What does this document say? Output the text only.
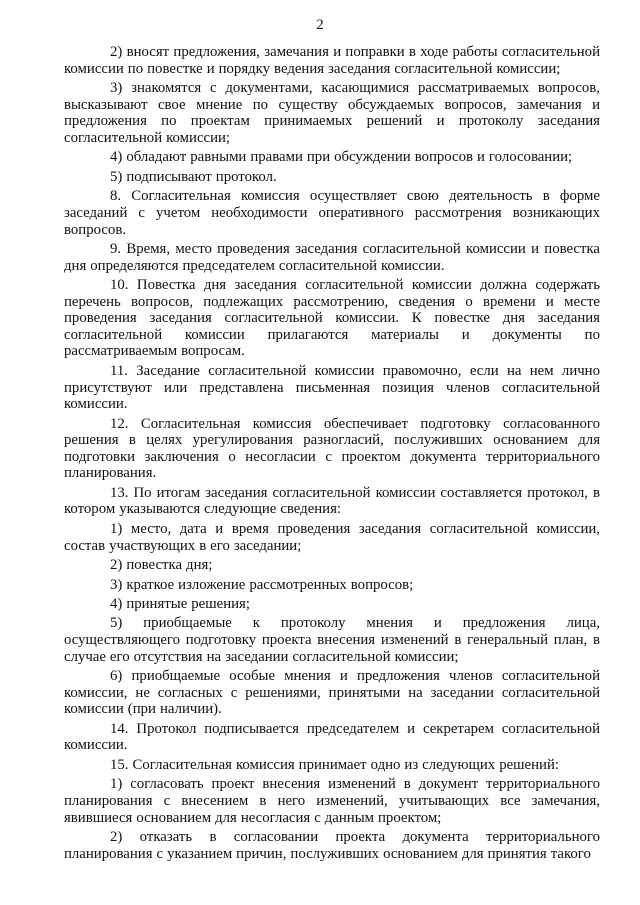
2

2) вносят предложения, замечания и поправки в ходе работы согласительной комиссии по повестке и порядку ведения заседания согласительной комиссии;

3) знакомятся с документами, касающимися рассматриваемых вопросов, высказывают свое мнение по существу обсуждаемых вопросов, замечания и предложения по проектам принимаемых решений и протоколу заседания согласительной комиссии;

4) обладают равными правами при обсуждении вопросов и голосовании;

5) подписывают протокол.

8. Согласительная комиссия осуществляет свою деятельность в форме заседаний с учетом необходимости оперативного рассмотрения возникающих вопросов.

9. Время, место проведения заседания согласительной комиссии и повестка дня определяются председателем согласительной комиссии.

10. Повестка дня заседания согласительной комиссии должна содержать перечень вопросов, подлежащих рассмотрению, сведения о времени и месте проведения заседания согласительной комиссии. К повестке дня заседания согласительной комиссии прилагаются материалы и документы по рассматриваемым вопросам.

11. Заседание согласительной комиссии правомочно, если на нем лично присутствуют или представлена письменная позиция членов согласительной комиссии.

12. Согласительная комиссия обеспечивает подготовку согласованного решения в целях урегулирования разногласий, послуживших основанием для подготовки заключения о несогласии с проектом документа территориального планирования.

13. По итогам заседания согласительной комиссии составляется протокол, в котором указываются следующие сведения:

1) место, дата и время проведения заседания согласительной комиссии, состав участвующих в его заседании;

2) повестка дня;

3) краткое изложение рассмотренных вопросов;

4) принятые решения;

5) приобщаемые к протоколу мнения и предложения лица, осуществляющего подготовку проекта внесения изменений в генеральный план, в случае его отсутствия на заседании согласительной комиссии;

6) приобщаемые особые мнения и предложения членов согласительной комиссии, не согласных с решениями, принятыми на заседании согласительной комиссии (при наличии).

14. Протокол подписывается председателем и секретарем согласительной комиссии.

15. Согласительная комиссия принимает одно из следующих решений:

1) согласовать проект внесения изменений в документ территориального планирования с внесением в него изменений, учитывающих все замечания, явившиеся основанием для несогласия с данным проектом;

2) отказать в согласовании проекта документа территориального планирования с указанием причин, послуживших основанием для принятия такого
